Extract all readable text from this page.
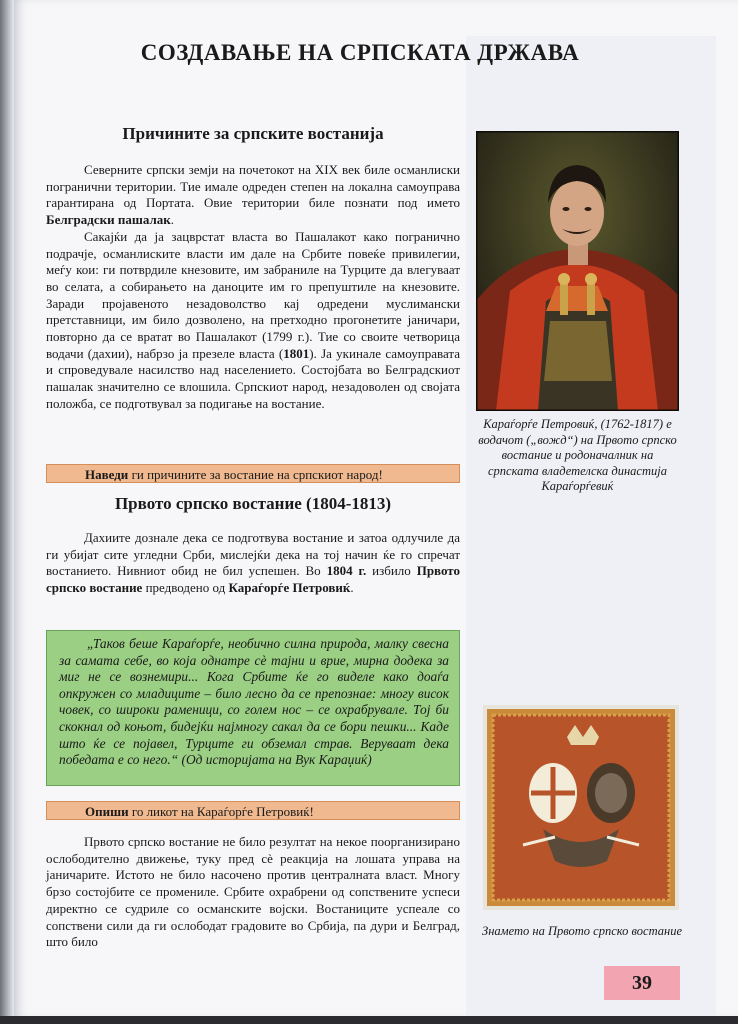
СОЗДАВАЊЕ НА СРПСКАТА ДРЖАВА
Причините за српските востанија

Северните српски земји на почетокот на XIX век биле османлиски погранични територии. Тие имале одреден степен на локална самоуправа гарантирана од Портата. Овие територии биле познати под името Белградски пашалак.

Сакајќи да ја зацврстат власта во Пашалакот како погранично подрачје, османлиските власти им дале на Србите повеќе привилегии, меѓу кои: ги потврдиле кнезовите, им забраниле на Турците да влегуваат во селата, а собирањето на даноците им го препуштиле на кнезовите. Заради пројавеното незадоволство кај одредени муслимански претставници, им било дозволено, на претходно прогонетите јаничари, повторно да се вратат во Пашалакот (1799 г.). Тие со своите четворица водачи (дахии), набрзо ја презеле власта (1801). Ја укинале самоуправата и спроведувале насилство над населението. Состојбата во Белградскиот пашалак значително се влошила. Српскиот народ, незадоволен од својата положба, се подготвувал за подигање на востание.

Наведи ги причините за востание на српскиот народ!
Првото српско востание (1804-1813)

Дахиите дознале дека се подготвува востание и затоа одлучиле да ги убијат сите угледни Срби, мислејќи дека на тој начин ќе го спречат востанието. Нивниот обид не бил успешен. Во 1804 г. избило Првото српско востание предводено од Караѓорѓе Петровиќ.

„Таков беше Караѓорѓе, необично силна природа, малку свесна за самата себе, во која однатре сè тајни и врие, мирна додека за миг не се вознемири... Кога Србите ќе го виделе како доаѓа опкружен со младиците – било лесно да се препознае: многу висок човек, со широки раменици, со голем нос – се охрабрувале. Тој би скокнал од коњот, бидејќи најмногу сакал да се бори пешки... Каде што ќе се појавел, Турците ги обземал страв. Веруваат дека победата е со него.“ (Од историјата на Вук Караџиќ)
Опиши го ликот на Караѓорѓе Петровиќ!

Првото српско востание не било резултат на некое поорганизирано ослободително движење, туку пред сè реакција на лошата управа на јаничарите. Истото не било насочено против централната власт. Многу брзо состојбите се промениле. Србите охрабрени од сопствените успеси директно се судриле со османските војски. Востаниците успеале со сопствени сили да ги ослободат градовите во Србија, па дури и Белград, што било

Караѓорѓе Петровиќ, (1762-1817) е водачот („вожд“) на Првото српско востание и родоначалник на српската владетелска династија Караѓорѓевиќ

Знамето на Првото српско востание

39
